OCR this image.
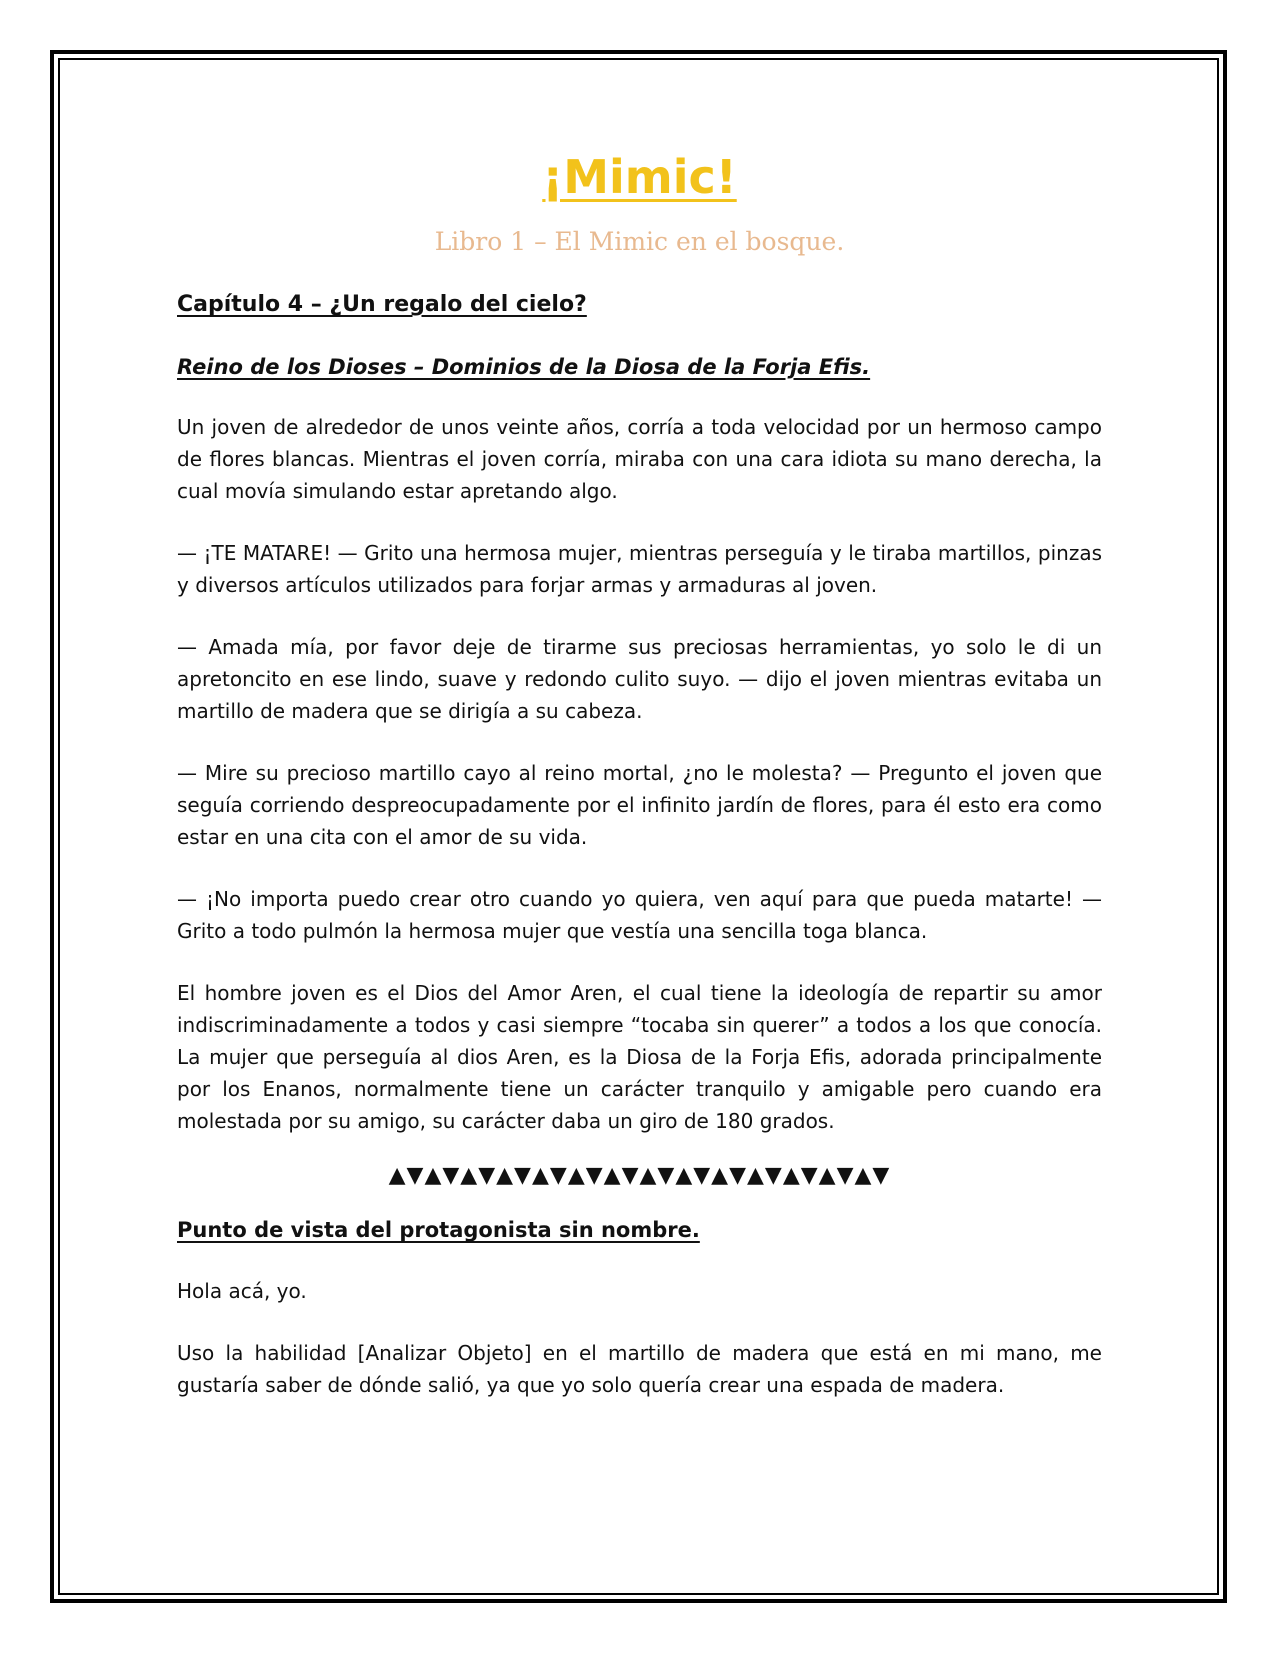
¡Mimic!
Libro 1 – El Mimic en el bosque.
Capítulo 4 – ¿Un regalo del cielo?
Reino de los Dioses – Dominios de la Diosa de la Forja Efis.

Un joven de alrededor de unos veinte años, corría a toda velocidad por un hermoso campo de flores blancas. Mientras el joven corría, miraba con una cara idiota su mano derecha, la cual movía simulando estar apretando algo.

— ¡TE MATARE! — Grito una hermosa mujer, mientras perseguía y le tiraba martillos, pinzas y diversos artículos utilizados para forjar armas y armaduras al joven.

— Amada mía, por favor deje de tirarme sus preciosas herramientas, yo solo le di un apretoncito en ese lindo, suave y redondo culito suyo. — dijo el joven mientras evitaba un martillo de madera que se dirigía a su cabeza.

— Mire su precioso martillo cayo al reino mortal, ¿no le molesta? — Pregunto el joven que seguía corriendo despreocupadamente por el infinito jardín de flores, para él esto era como estar en una cita con el amor de su vida.

— ¡No importa puedo crear otro cuando yo quiera, ven aquí para que pueda matarte! — Grito a todo pulmón la hermosa mujer que vestía una sencilla toga blanca.

El hombre joven es el Dios del Amor Aren, el cual tiene la ideología de repartir su amor indiscriminadamente a todos y casi siempre “tocaba sin querer” a todos a los que conocía. La mujer que perseguía al dios Aren, es la Diosa de la Forja Efis, adorada principalmente por los Enanos, normalmente tiene un carácter tranquilo y amigable pero cuando era molestada por su amigo, su carácter daba un giro de 180 grados.

▲▼▲▼▲▼▲▼▲▼▲▼▲▼▲▼▲▼▲▼▲▼▲▼▲▼▲▼
Punto de vista del protagonista sin nombre.

Hola acá, yo.

Uso la habilidad [Analizar Objeto] en el martillo de madera que está en mi mano, me gustaría saber de dónde salió, ya que yo solo quería crear una espada de madera.
